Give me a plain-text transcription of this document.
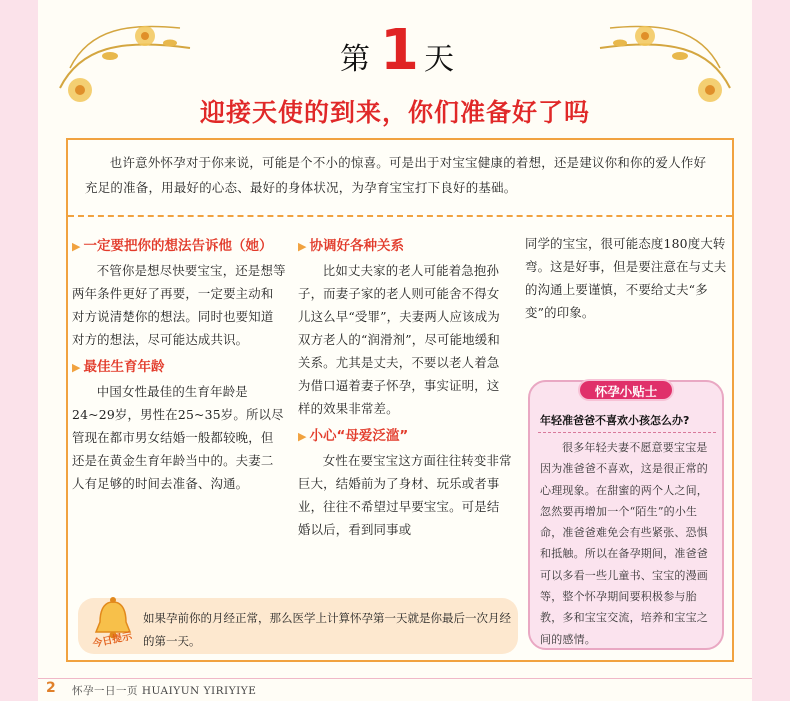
第 1 天
迎接天使的到来，你们准备好了吗
也许意外怀孕对于你来说，可能是个不小的惊喜。可是出于对宝宝健康的着想，还是建议你和你的爱人作好充足的准备，用最好的心态、最好的身体状况，为孕育宝宝打下良好的基础。
▶ 一定要把你的想法告诉他（她）

不管你是想尽快要宝宝，还是想等两年条件更好了再要，一定要主动和对方说清楚你的想法。同时也要知道对方的想法，尽可能达成共识。

▶ 最佳生育年龄

中国女性最佳的生育年龄是24~29岁，男性在25~35岁。所以尽管现在都市男女结婚一般都较晚，但还是在黄金生育年龄当中的。夫妻二人有足够的时间去准备、沟通。

▶ 协调好各种关系

比如丈夫家的老人可能着急抱孙子，而妻子家的老人则可能舍不得女儿这么早“受罪”，夫妻两人应该成为双方老人的“润滑剂”，尽可能地缓和关系。尤其是丈夫，不要以老人着急为借口逼着妻子怀孕，事实证明，这样的效果非常差。

▶ 小心“母爱泛滥”

女性在要宝宝这方面往往转变非常巨大，结婚前为了身材、玩乐或者事业，往往不希望过早要宝宝。可是结婚以后，看到同事或

同学的宝宝，很可能态度180度大转弯。这是好事，但是要注意在与丈夫的沟通上要谨慎，不要给丈夫“多变”的印象。

怀孕小贴士
年轻准爸爸不喜欢小孩怎么办?
很多年轻夫妻不愿意要宝宝是因为准爸爸不喜欢，这是很正常的心理现象。在甜蜜的两个人之间，忽然要再增加一个“陌生”的小生命，准爸爸难免会有些紧张、恐惧和抵触。所以在备孕期间，准爸爸可以多看一些儿童书、宝宝的漫画等，整个怀孕期间要积极参与胎教，多和宝宝交流，培养和宝宝之间的感情。
今日提示
如果孕前你的月经正常，那么医学上计算怀孕第一天就是你最后一次月经的第一天。
2 怀孕一日一页 HUAIYUN YIRIYIYE
